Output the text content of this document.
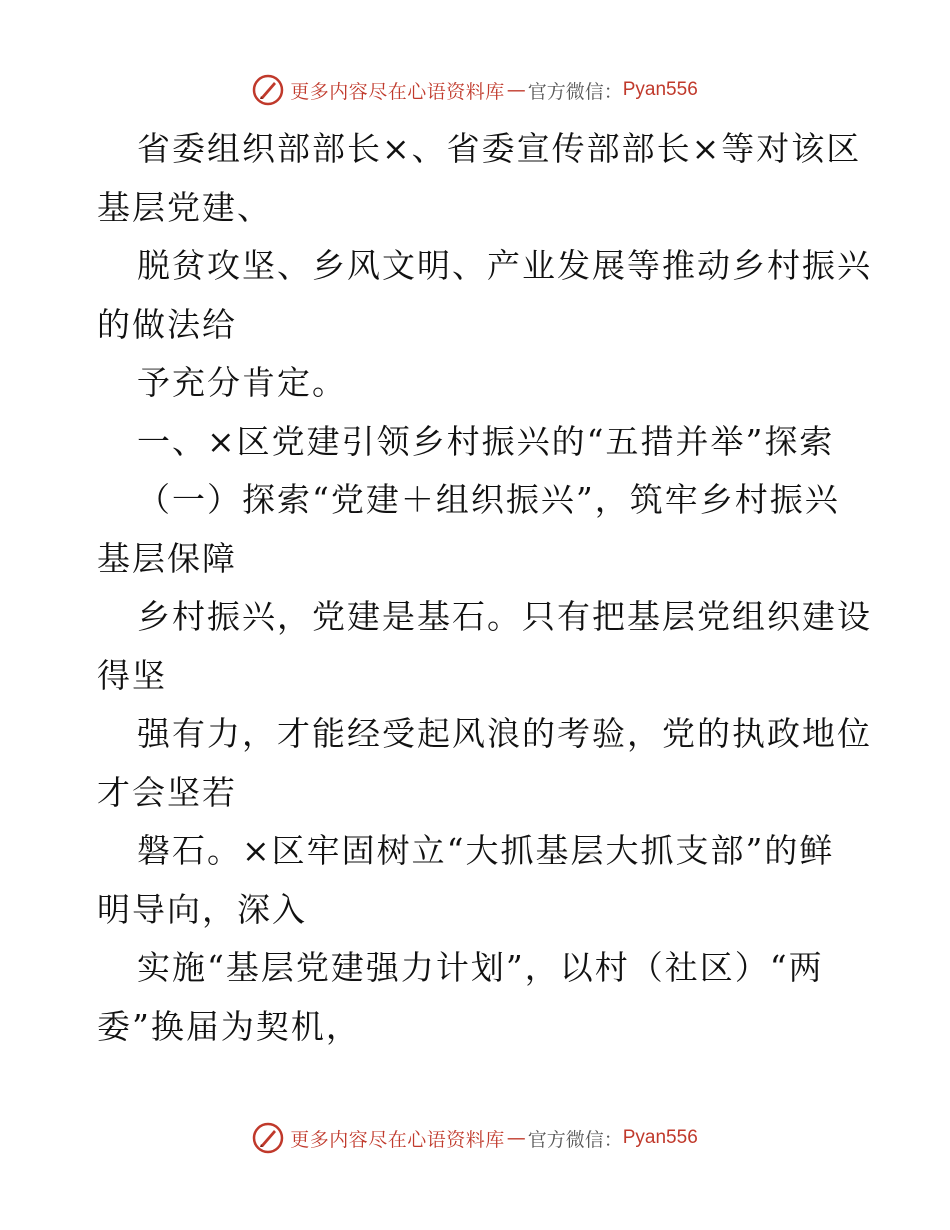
更多内容尽在心语资料库 — 官方微信： Pyan556

省委组织部部长×、省委宣传部部长×等对该区
基层党建、

脱贫攻坚、乡风文明、产业发展等推动乡村振兴
的做法给

予充分肯定。

一、×区党建引领乡村振兴的“五措并举”探索

（一）探索“党建＋组织振兴”，筑牢乡村振兴
基层保障

乡村振兴，党建是基石。只有把基层党组织建设
得坚

强有力，才能经受起风浪的考验，党的执政地位
才会坚若

磐石。×区牢固树立“大抓基层大抓支部”的鲜
明导向，深入

实施“基层党建强力计划”，以村（社区）“两
委”换届为契机，

更多内容尽在心语资料库 — 官方微信： Pyan556
